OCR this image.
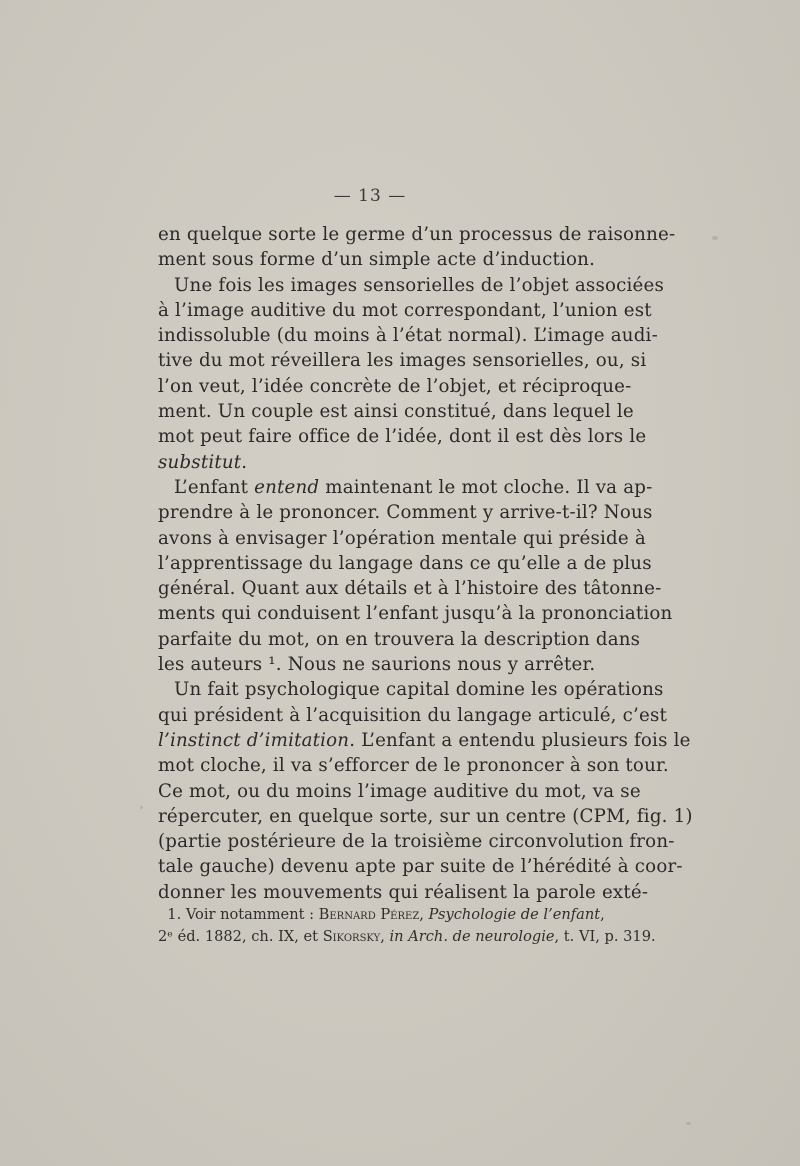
— 13 —
en quelque sorte le germe d’un processus de raisonne-
ment sous forme d’un simple acte d’induction.
Une fois les images sensorielles de l’objet associées
à l’image auditive du mot correspondant, l’union est
indissoluble (du moins à l’état normal). L’image audi-
tive du mot réveillera les images sensorielles, ou, si
l’on veut, l’idée concrète de l’objet, et réciproque-
ment. Un couple est ainsi constitué, dans lequel le
mot peut faire office de l’idée, dont il est dès lors le
substitut.
L’enfant entend maintenant le mot cloche. Il va ap-
prendre à le prononcer. Comment y arrive-t-il? Nous
avons à envisager l’opération mentale qui préside à
l’apprentissage du langage dans ce qu’elle a de plus
général. Quant aux détails et à l’histoire des tâtonne-
ments qui conduisent l’enfant jusqu’à la prononciation
parfaite du mot, on en trouvera la description dans
les auteurs ¹. Nous ne saurions nous y arrêter.
Un fait psychologique capital domine les opérations
qui président à l’acquisition du langage articulé, c’est
l’instinct d’imitation. L’enfant a entendu plusieurs fois le
mot cloche, il va s’efforcer de le prononcer à son tour.
Ce mot, ou du moins l’image auditive du mot, va se
répercuter, en quelque sorte, sur un centre (CPM, fig. 1)
(partie postérieure de la troisième circonvolution fron-
tale gauche) devenu apte par suite de l’hérédité à coor-
donner les mouvements qui réalisent la parole exté-
1. Voir notamment : Bernard Pérez, Psychologie de l’enfant,
2ᵉ éd. 1882, ch. IX, et Sikorsky, in Arch. de neurologie, t. VI, p. 319.
